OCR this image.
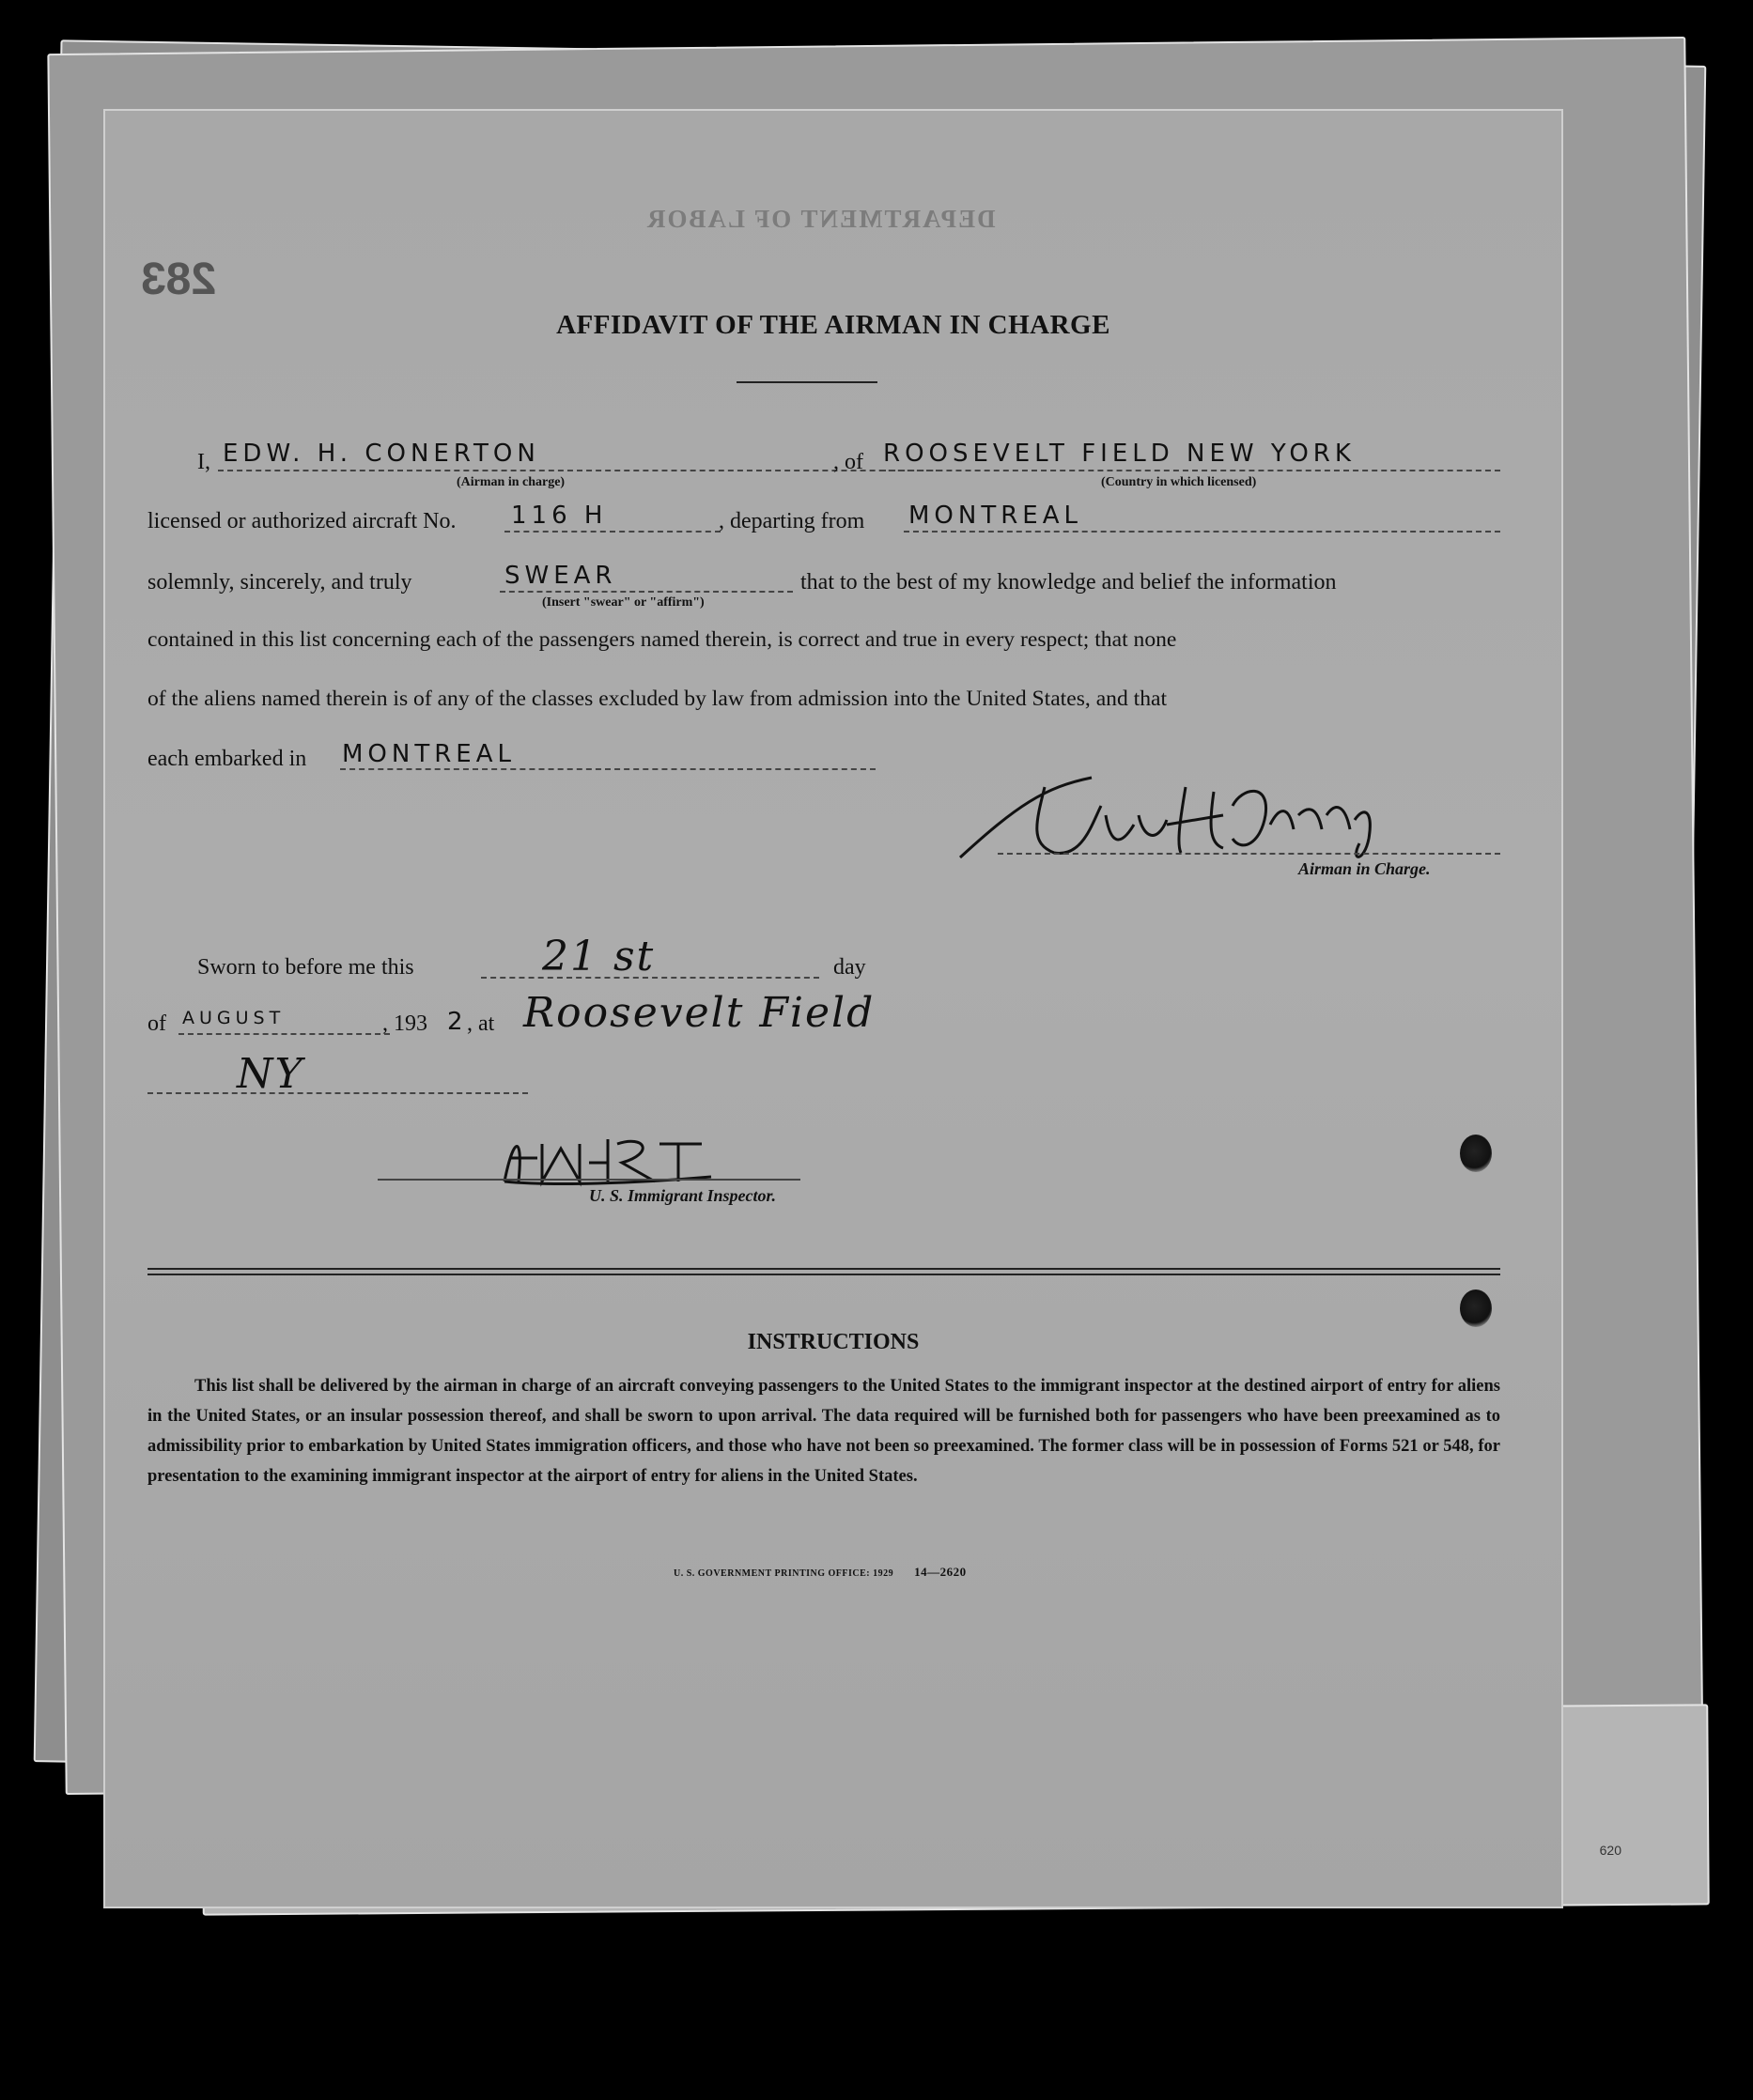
620
DEPARTMENT OF LABOR
283
AFFIDAVIT OF THE AIRMAN IN CHARGE
I, EDW. H. CONERTON
(Airman in charge)
, of ROOSEVELT FIELD NEW YORK
(Country in which licensed)
licensed or authorized aircraft No. 116 H	, departing from MONTREAL
solemnly, sincerely, and truly	SWEAR
(Insert "swear" or "affirm")
that to the best of my knowledge and belief the information
contained in this list concerning each of the passengers named therein, is correct and true in every respect; that none
of the aliens named therein is of any of the classes excluded by law from admission into the United States, and that
each embarked in MONTREAL
Airman in Charge.
Sworn to before me this	21 st	day
of AUGUST	, 193 2 , at Roosevelt Field
NY
U. S. Immigrant Inspector.
INSTRUCTIONS
This list shall be delivered by the airman in charge of an aircraft conveying passengers to the United States to the immigrant inspector at the destined airport of entry for aliens in the United States, or an insular possession thereof, and shall be sworn to upon arrival. The data required will be furnished both for passengers who have been preexamined as to admissibility prior to embarkation by United States immigration officers, and those who have not been so preexamined. The former class will be in possession of Forms 521 or 548, for presentation to the examining immigrant inspector at the airport of entry for aliens in the United States.
U. S. GOVERNMENT PRINTING OFFICE: 1929 14—2620
